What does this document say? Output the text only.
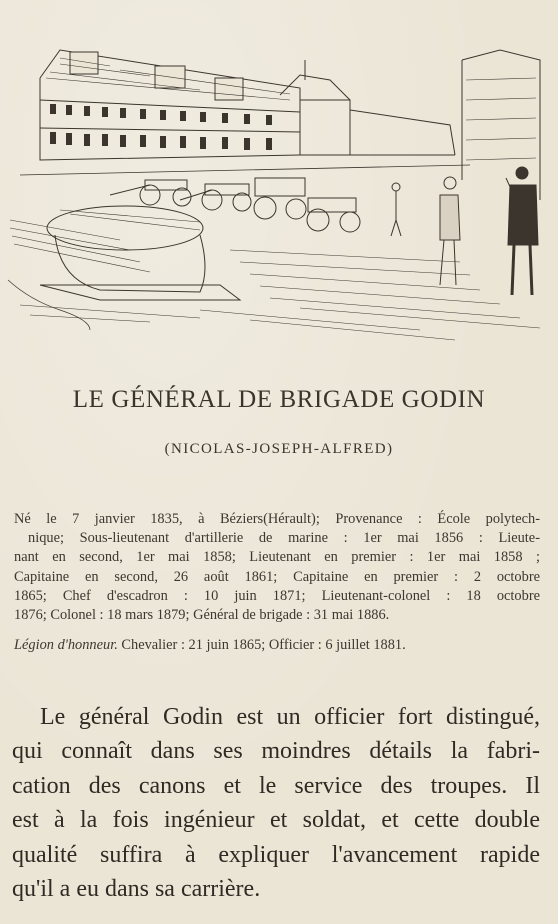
LE GÉNÉRAL DE BRIGADE GODIN
(NICOLAS-JOSEPH-ALFRED)
Né le 7 janvier 1835, à Béziers(Hérault); Provenance : École polytech-
nique; Sous-lieutenant d'artillerie de marine : 1er mai 1856 : Lieute-
nant en second, 1er mai 1858; Lieutenant en premier : 1er mai 1858 ;
Capitaine en second, 26 août 1861; Capitaine en premier : 2 octobre
1865; Chef d'escadron : 10 juin 1871; Lieutenant-colonel : 18 octobre
1876; Colonel : 18 mars 1879; Général de brigade : 31 mai 1886.
Légion d'honneur. Chevalier : 21 juin 1865; Officier : 6 juillet 1881.
Le général Godin est un officier fort distingué,
qui connaît dans ses moindres détails la fabri-
cation des canons et le service des troupes. Il
est à la fois ingénieur et soldat, et cette double
qualité suffira à expliquer l'avancement rapide
qu'il a eu dans sa carrière.
